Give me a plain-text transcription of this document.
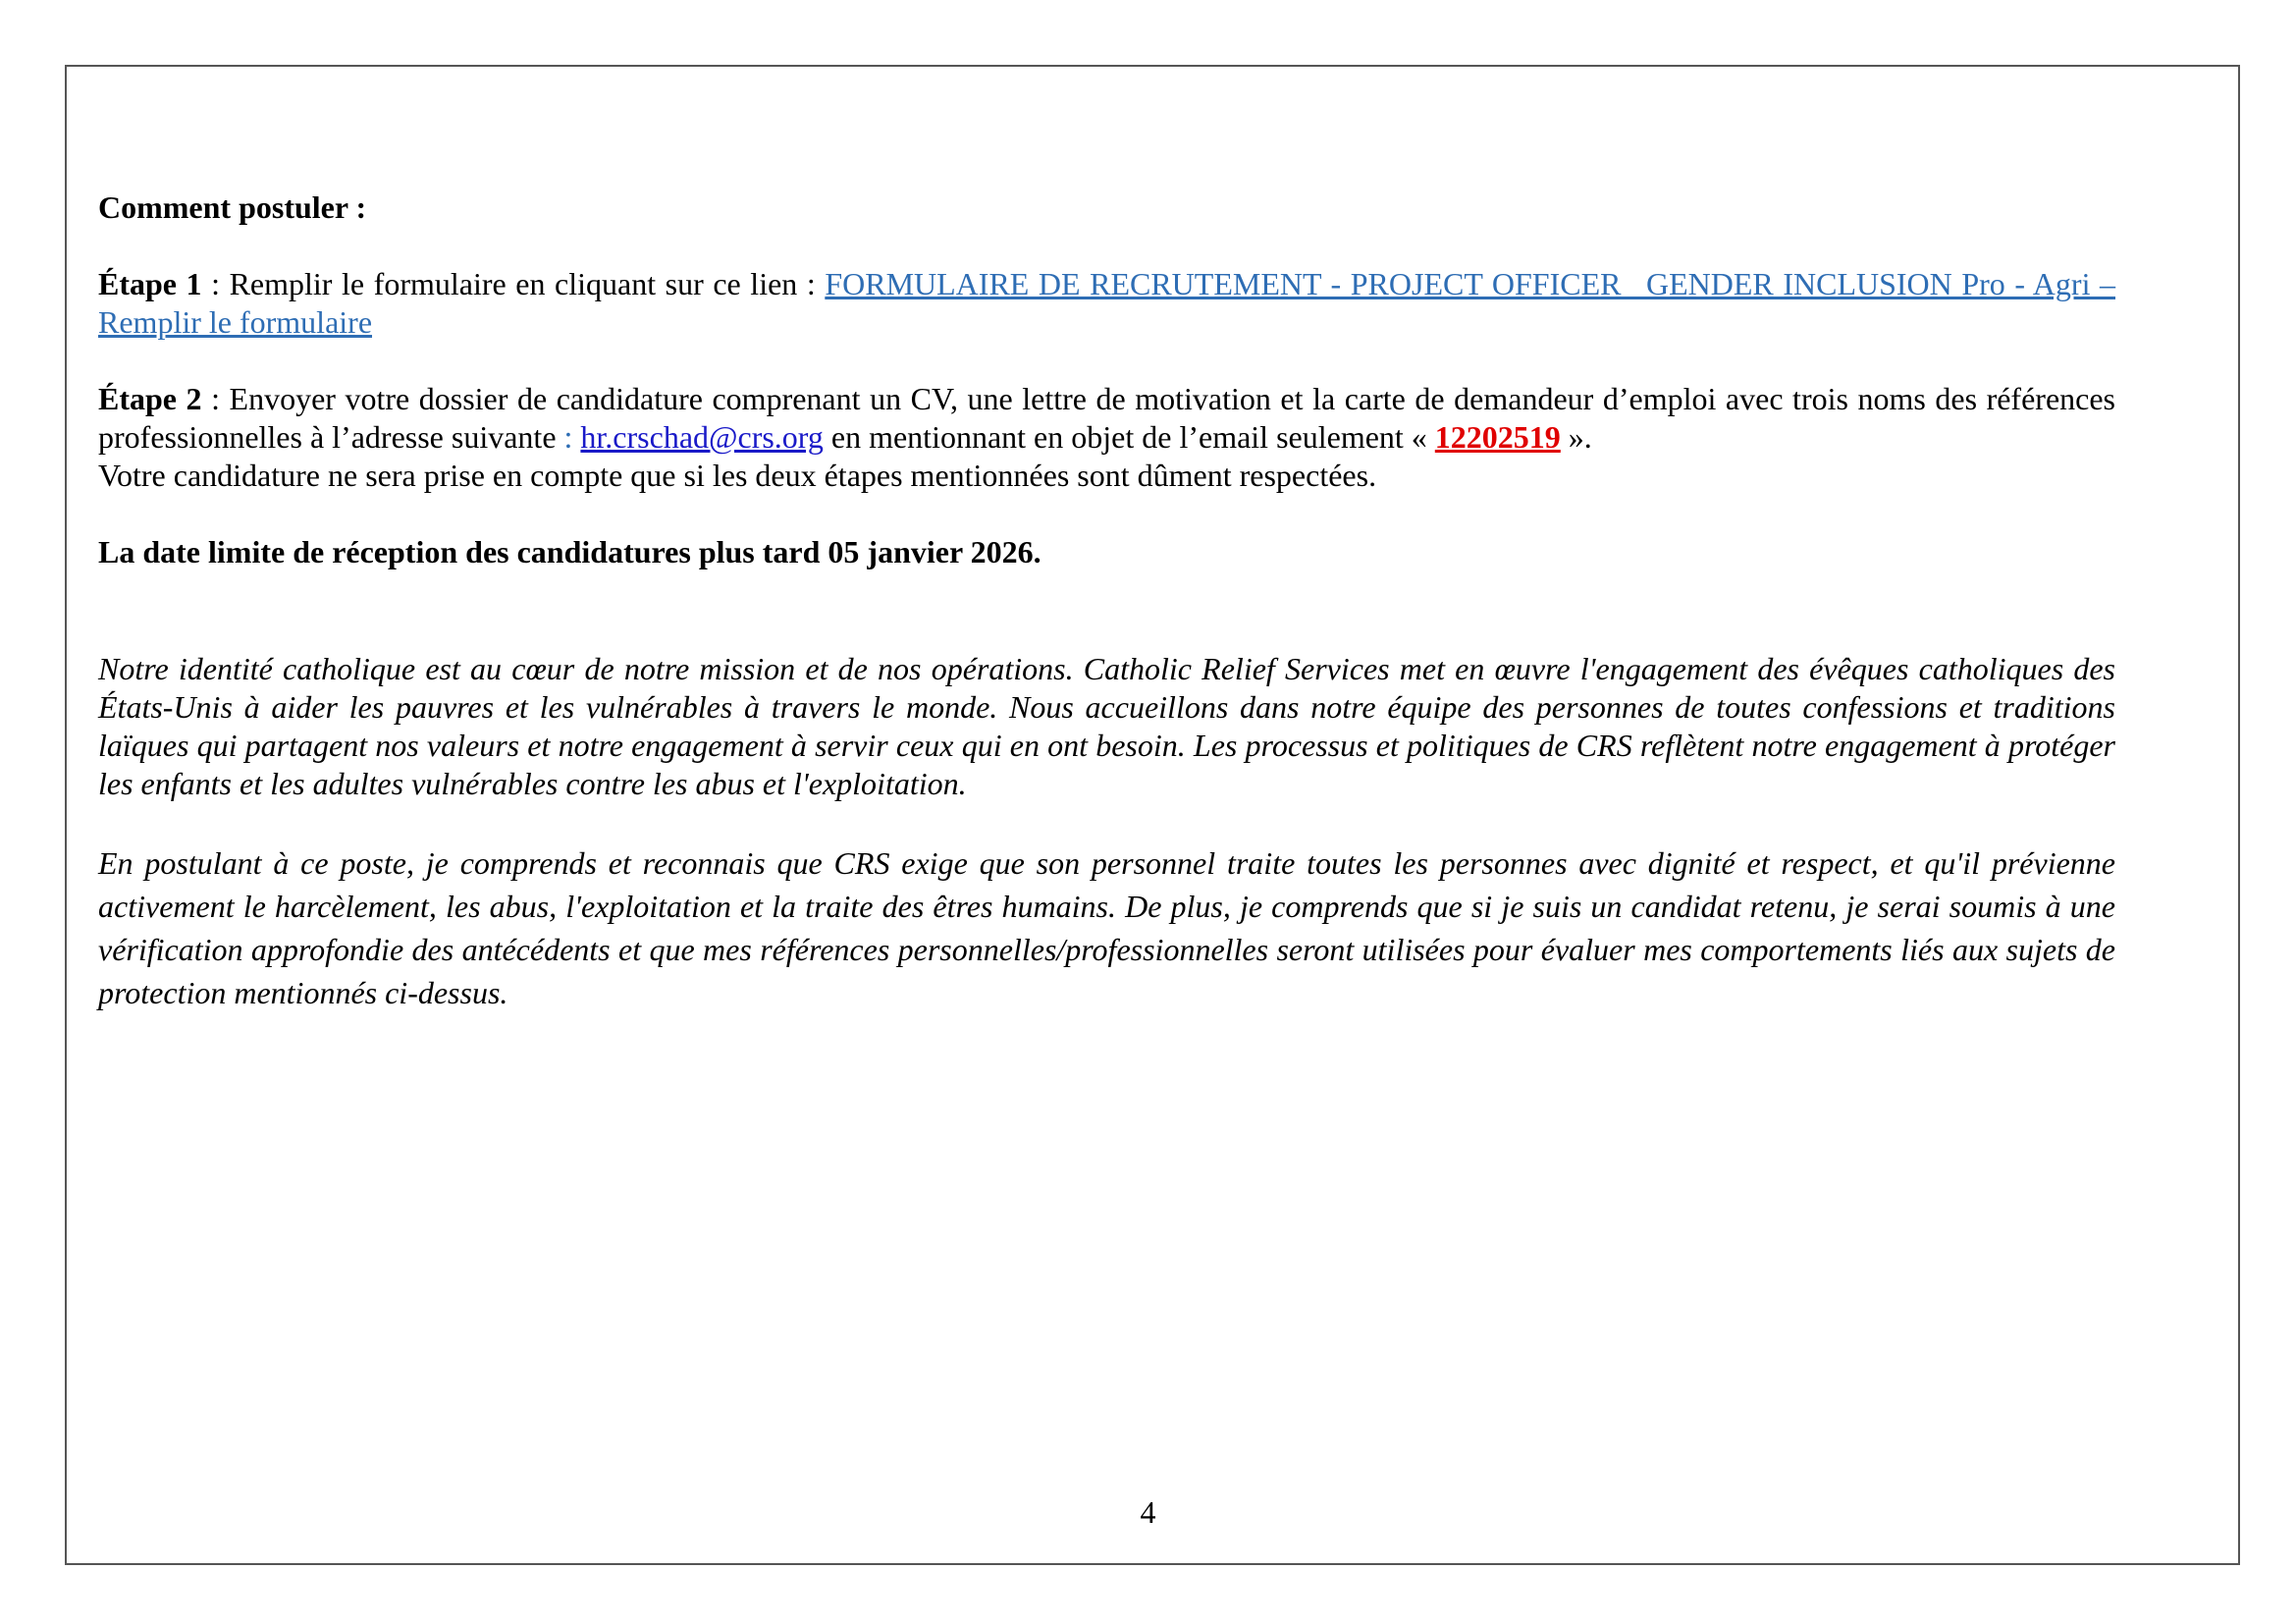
Comment postuler :

Étape 1 : Remplir le formulaire en cliquant sur ce lien : FORMULAIRE DE RECRUTEMENT - PROJECT OFFICER _GENDER INCLUSION Pro - Agri – Remplir le formulaire

Étape 2 : Envoyer votre dossier de candidature comprenant un CV, une lettre de motivation et la carte de demandeur d’emploi avec trois noms des références professionnelles à l’adresse suivante : hr.crschad@crs.org en mentionnant en objet de l’email seulement « 12202519 ».

Votre candidature ne sera prise en compte que si les deux étapes mentionnées sont dûment respectées.

La date limite de réception des candidatures plus tard 05 janvier 2026.

Notre identité catholique est au cœur de notre mission et de nos opérations. Catholic Relief Services met en œuvre l'engagement des évêques catholiques des États-Unis à aider les pauvres et les vulnérables à travers le monde. Nous accueillons dans notre équipe des personnes de toutes confessions et traditions laïques qui partagent nos valeurs et notre engagement à servir ceux qui en ont besoin. Les processus et politiques de CRS reflètent notre engagement à protéger les enfants et les adultes vulnérables contre les abus et l'exploitation.

En postulant à ce poste, je comprends et reconnais que CRS exige que son personnel traite toutes les personnes avec dignité et respect, et qu'il prévienne activement le harcèlement, les abus, l'exploitation et la traite des êtres humains. De plus, je comprends que si je suis un candidat retenu, je serai soumis à une vérification approfondie des antécédents et que mes références personnelles/professionnelles seront utilisées pour évaluer mes comportements liés aux sujets de protection mentionnés ci-dessus.

4
